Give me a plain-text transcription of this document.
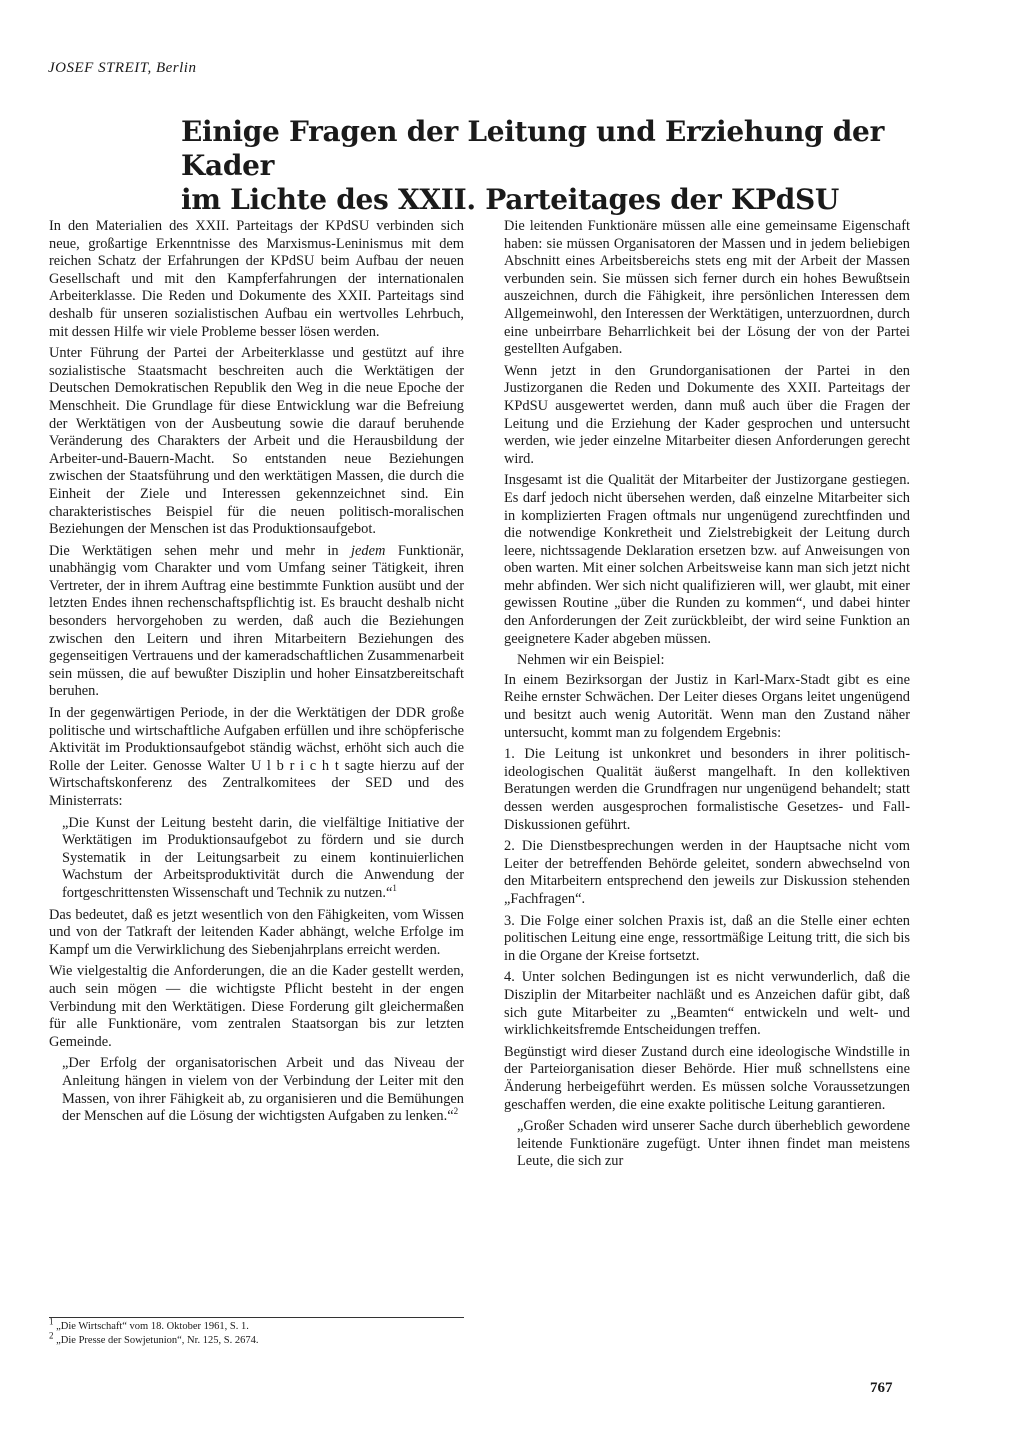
JOSEF STREIT, Berlin
Einige Fragen der Leitung und Erziehung der Kader
im Lichte des XXII. Parteitages der KPdSU

In den Materialien des XXII. Parteitags der KPdSU verbinden sich neue, großartige Erkenntnisse des Marxismus-Leninismus mit dem reichen Schatz der Erfahrungen der KPdSU beim Aufbau der neuen Gesellschaft und mit den Kampferfahrungen der internationalen Arbeiterklasse. Die Reden und Dokumente des XXII. Parteitags sind deshalb für unseren sozialistischen Aufbau ein wertvolles Lehrbuch, mit dessen Hilfe wir viele Probleme besser lösen werden.

Unter Führung der Partei der Arbeiterklasse und gestützt auf ihre sozialistische Staatsmacht beschreiten auch die Werktätigen der Deutschen Demokratischen Republik den Weg in die neue Epoche der Menschheit. Die Grundlage für diese Entwicklung war die Befreiung der Werktätigen von der Ausbeutung sowie die darauf beruhende Veränderung des Charakters der Arbeit und die Herausbildung der Arbeiter-und-Bauern-Macht. So entstanden neue Beziehungen zwischen der Staatsführung und den werktätigen Massen, die durch die Einheit der Ziele und Interessen gekennzeichnet sind. Ein charakteristisches Beispiel für die neuen politisch-moralischen Beziehungen der Menschen ist das Produktionsaufgebot.

Die Werktätigen sehen mehr und mehr in jedem Funktionär, unabhängig vom Charakter und vom Umfang seiner Tätigkeit, ihren Vertreter, der in ihrem Auftrag eine bestimmte Funktion ausübt und der letzten Endes ihnen rechenschaftspflichtig ist. Es braucht deshalb nicht besonders hervorgehoben zu werden, daß auch die Beziehungen zwischen den Leitern und ihren Mitarbeitern Beziehungen des gegenseitigen Vertrauens und der kameradschaftlichen Zusammenarbeit sein müssen, die auf bewußter Disziplin und hoher Einsatzbereitschaft beruhen.

In der gegenwärtigen Periode, in der die Werktätigen der DDR große politische und wirtschaftliche Aufgaben erfüllen und ihre schöpferische Aktivität im Produktionsaufgebot ständig wächst, erhöht sich auch die Rolle der Leiter. Genosse Walter U l b r i c h t sagte hierzu auf der Wirtschaftskonferenz des Zentralkomitees der SED und des Ministerrats:

„Die Kunst der Leitung besteht darin, die vielfältige Initiative der Werktätigen im Produktionsaufgebot zu fördern und sie durch Systematik in der Leitungsarbeit zu einem kontinuierlichen Wachstum der Arbeitsproduktivität durch die Anwendung der fortgeschrittensten Wissenschaft und Technik zu nutzen.“$^1$

Das bedeutet, daß es jetzt wesentlich von den Fähigkeiten, vom Wissen und von der Tatkraft der leitenden Kader abhängt, welche Erfolge im Kampf um die Verwirklichung des Siebenjahrplans erreicht werden.

Wie vielgestaltig die Anforderungen, die an die Kader gestellt werden, auch sein mögen — die wichtigste Pflicht besteht in der engen Verbindung mit den Werktätigen. Diese Forderung gilt gleichermaßen für alle Funktionäre, vom zentralen Staatsorgan bis zur letzten Gemeinde.

„Der Erfolg der organisatorischen Arbeit und das Niveau der Anleitung hängen in vielem von der Verbindung der Leiter mit den Massen, von ihrer Fähigkeit ab, zu organisieren und die Bemühungen der Menschen auf die Lösung der wichtigsten Aufgaben zu lenken.“$^2$

$^1$ „Die Wirtschaft“ vom 18. Oktober 1961, S. 1.
$^2$ „Die Presse der Sowjetunion“, Nr. 125, S. 2674.

Die leitenden Funktionäre müssen alle eine gemeinsame Eigenschaft haben: sie müssen Organisatoren der Massen und in jedem beliebigen Abschnitt eines Arbeitsbereichs stets eng mit der Arbeit der Massen verbunden sein. Sie müssen sich ferner durch ein hohes Bewußtsein auszeichnen, durch die Fähigkeit, ihre persönlichen Interessen dem Allgemeinwohl, den Interessen der Werktätigen, unterzuordnen, durch eine unbeirrbare Beharrlichkeit bei der Lösung der von der Partei gestellten Aufgaben.

Wenn jetzt in den Grundorganisationen der Partei in den Justizorganen die Reden und Dokumente des XXII. Parteitags der KPdSU ausgewertet werden, dann muß auch über die Fragen der Leitung und die Erziehung der Kader gesprochen und untersucht werden, wie jeder einzelne Mitarbeiter diesen Anforderungen gerecht wird.

Insgesamt ist die Qualität der Mitarbeiter der Justizorgane gestiegen. Es darf jedoch nicht übersehen werden, daß einzelne Mitarbeiter sich in komplizierten Fragen oftmals nur ungenügend zurechtfinden und die notwendige Konkretheit und Zielstrebigkeit der Leitung durch leere, nichtssagende Deklaration ersetzen bzw. auf Anweisungen von oben warten. Mit einer solchen Arbeitsweise kann man sich jetzt nicht mehr abfinden. Wer sich nicht qualifizieren will, wer glaubt, mit einer gewissen Routine „über die Runden zu kommen“, und dabei hinter den Anforderungen der Zeit zurückbleibt, der wird seine Funktion an geeignetere Kader abgeben müssen.

Nehmen wir ein Beispiel:

In einem Bezirksorgan der Justiz in Karl-Marx-Stadt gibt es eine Reihe ernster Schwächen. Der Leiter dieses Organs leitet ungenügend und besitzt auch wenig Autorität. Wenn man den Zustand näher untersucht, kommt man zu folgendem Ergebnis:

1. Die Leitung ist unkonkret und besonders in ihrer politisch-ideologischen Qualität äußerst mangelhaft. In den kollektiven Beratungen werden die Grundfragen nur ungenügend behandelt; statt dessen werden ausgesprochen formalistische Gesetzes- und Fall-Diskussionen geführt.

2. Die Dienstbesprechungen werden in der Hauptsache nicht vom Leiter der betreffenden Behörde geleitet, sondern abwechselnd von den Mitarbeitern entsprechend den jeweils zur Diskussion stehenden „Fachfragen“.

3. Die Folge einer solchen Praxis ist, daß an die Stelle einer echten politischen Leitung eine enge, ressortmäßige Leitung tritt, die sich bis in die Organe der Kreise fortsetzt.

4. Unter solchen Bedingungen ist es nicht verwunderlich, daß die Disziplin der Mitarbeiter nachläßt und es Anzeichen dafür gibt, daß sich gute Mitarbeiter zu „Beamten“ entwickeln und welt- und wirklichkeitsfremde Entscheidungen treffen.

Begünstigt wird dieser Zustand durch eine ideologische Windstille in der Parteiorganisation dieser Behörde. Hier muß schnellstens eine Änderung herbeigeführt werden. Es müssen solche Voraussetzungen geschaffen werden, die eine exakte politische Leitung garantieren.

„Großer Schaden wird unserer Sache durch überheblich gewordene leitende Funktionäre zugefügt. Unter ihnen findet man meistens Leute, die sich zur

767
